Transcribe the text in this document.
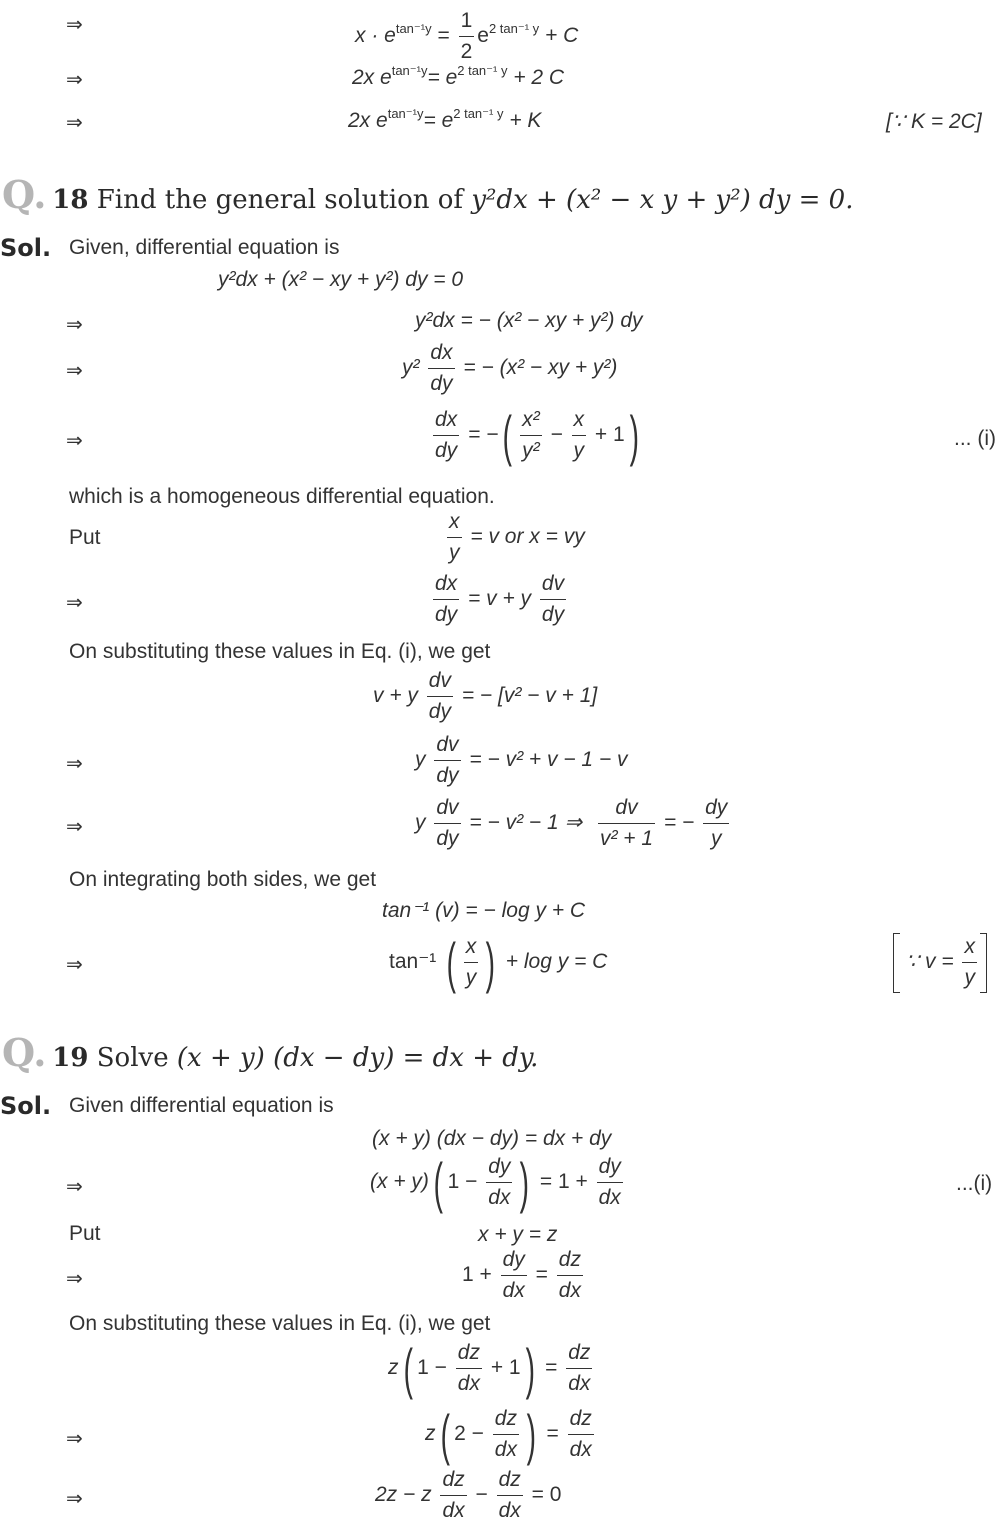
⇒	$x \cdot e^{tan^{-1}y} = \frac{1}{2} e^{2 tan^{-1} y} + C$
⇒	2x $e^{tan^{-1}y}= e^{2 tan^{-1} y} + 2$ C
⇒	2x $e^{tan^{-1}y}= e^{2 tan^{-1} y} + K$	[∵ K = 2C]
Q. 18 Find the general solution of y²dx + (x² − x y + y²) dy = 0.
Sol. Given, differential equation is
y²dx + (x² − xy + y²) dy = 0
⇒	y²dx = − (x² − xy + y²) dy
⇒	$y^2 \frac{dx}{dy}$ = − (x² − xy + y²)
⇒	$\frac{dx}{dy}$ = −( $\frac{\text{x²}}{\text{y²}} - \frac{x}{y} + 1$)	... (i)
which is a homogeneous differential equation.
Put	$\frac{x}{y} = v$ or x = vy
⇒	$\frac{dx}{dy} = v + y \frac{dv}{dy}$
On substituting these values in Eq. (i), we get
v + y $\frac{dv}{dy}$ = − [v² − v + 1]
⇒	y $\frac{dv}{dy}$ = − v² + v − 1 − v
⇒	y $\frac{dv}{dy}$ = − v² − 1 ⇒ $\frac{dv}{\text{v² + 1}}$ = − $\frac{dy}{y}$
On integrating both sides, we get
tan⁻¹ (v) = − log y + C
⇒	tan⁻¹ ( $\frac{x}{y}$ ) + log y = C	∵ $v = \frac{x}{y}$
Q. 19 Solve (x + y) (dx − dy) = dx + dy.
Sol. Given differential equation is
(x + y) (dx − dy) = dx + dy
⇒	(x + y)( $1 - \frac{dy}{dx}$ ) = $1 + \frac{dy}{dx}$	...(i)
Put	x + y = z
⇒	$1 + \frac{dy}{dx} = \frac{dz}{dx}$
On substituting these values in Eq. (i), we get
z( $1 - \frac{dz}{dx} + 1) = \frac{dz}{dx}$
⇒	z( $2 - \frac{dz}{dx}$ ) = $\frac{dz}{dx}$
⇒	2z − z $\frac{dz}{dx} - \frac{dz}{dx} = 0$
